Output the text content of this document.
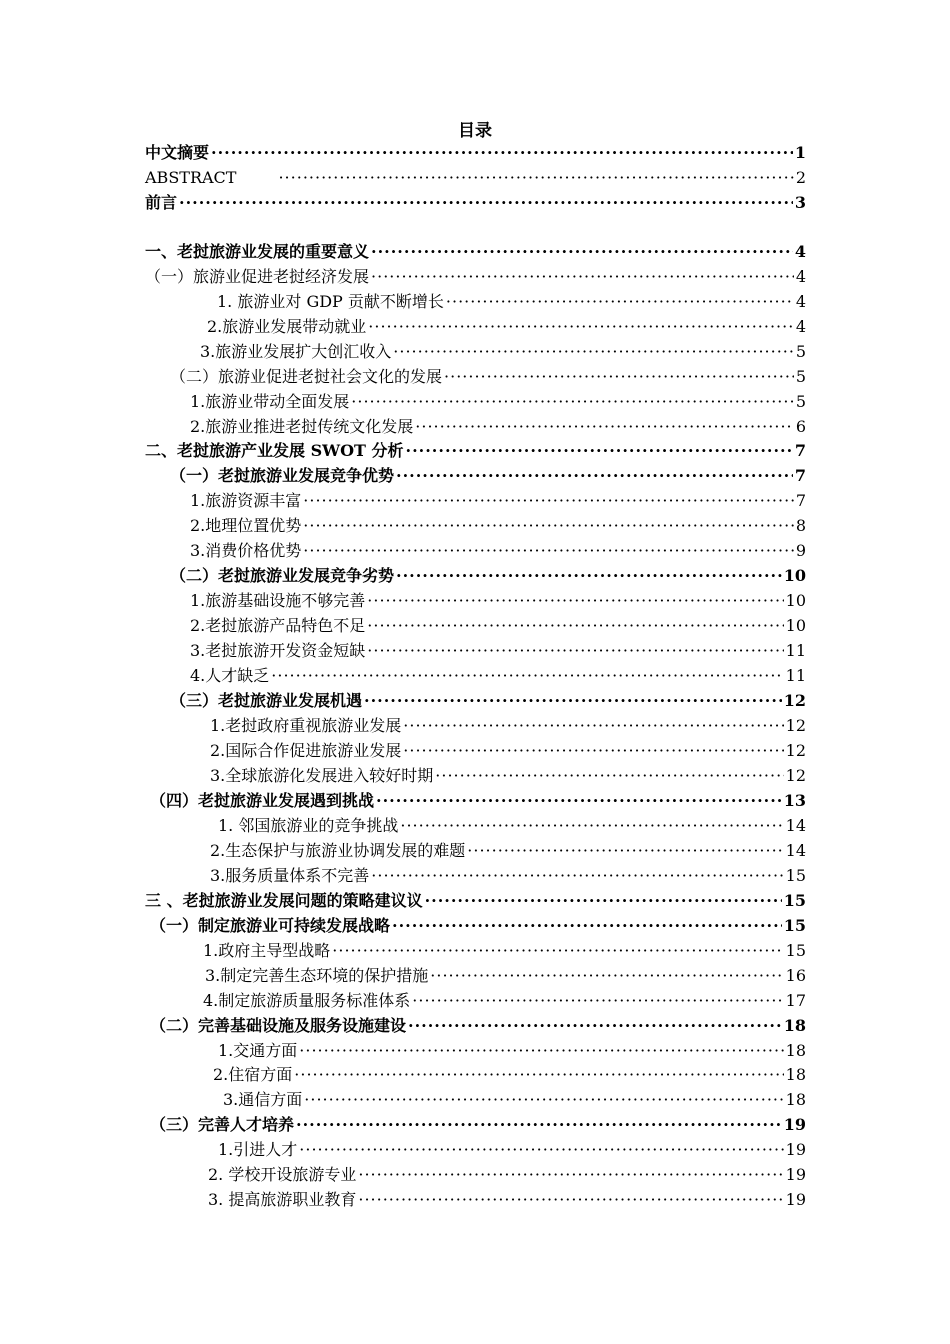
目录
中文摘要 ·····	1
ABSTRACT ·····	2
前言 ·····	3
一、老挝旅游业发展的重要意义 ·····	4
（一）旅游业促进老挝经济发展 ·····	4
1. 旅游业对 GDP 贡献不断增长 ·····	4
2.旅游业发展带动就业 ·····	4
3.旅游业发展扩大创汇收入 ·····	5
（二）旅游业促进老挝社会文化的发展 ·····	5
1.旅游业带动全面发展 ·····	5
2.旅游业推进老挝传统文化发展 ·····	6
二、老挝旅游产业发展 SWOT 分析 ·····	7
（一）老挝旅游业发展竞争优势 ·····	7
1.旅游资源丰富 ·····	7
2.地理位置优势 ·····	8
3.消费价格优势 ·····	9
（二）老挝旅游业发展竞争劣势 ·····	10
1.旅游基础设施不够完善 ·····	10
2.老挝旅游产品特色不足 ·····	10
3.老挝旅游开发资金短缺 ·····	11
4.人才缺乏 ·····	11
（三）老挝旅游业发展机遇 ·····	12
1.老挝政府重视旅游业发展 ·····	12
2.国际合作促进旅游业发展 ·····	12
3.全球旅游化发展进入较好时期 ·····	12
（四）老挝旅游业发展遇到挑战 ·····	13
1. 邻国旅游业的竞争挑战 ·····	14
2.生态保护与旅游业协调发展的难题 ·····	14
3.服务质量体系不完善 ·····	15
三 、老挝旅游业发展问题的策略建议议 ·····	15
（一）制定旅游业可持续发展战略 ·····	15
1.政府主导型战略 ·····	15
3.制定完善生态环境的保护措施 ·····	16
4.制定旅游质量服务标准体系 ·····	17
（二）完善基础设施及服务设施建设 ·····	18
1.交通方面 ·····	18
2.住宿方面 ·····	18
3.通信方面 ·····	18
（三）完善人才培养 ·····	19
1.引进人才 ·····	19
2. 学校开设旅游专业 ·····	19
3. 提高旅游职业教育 ·····	19
